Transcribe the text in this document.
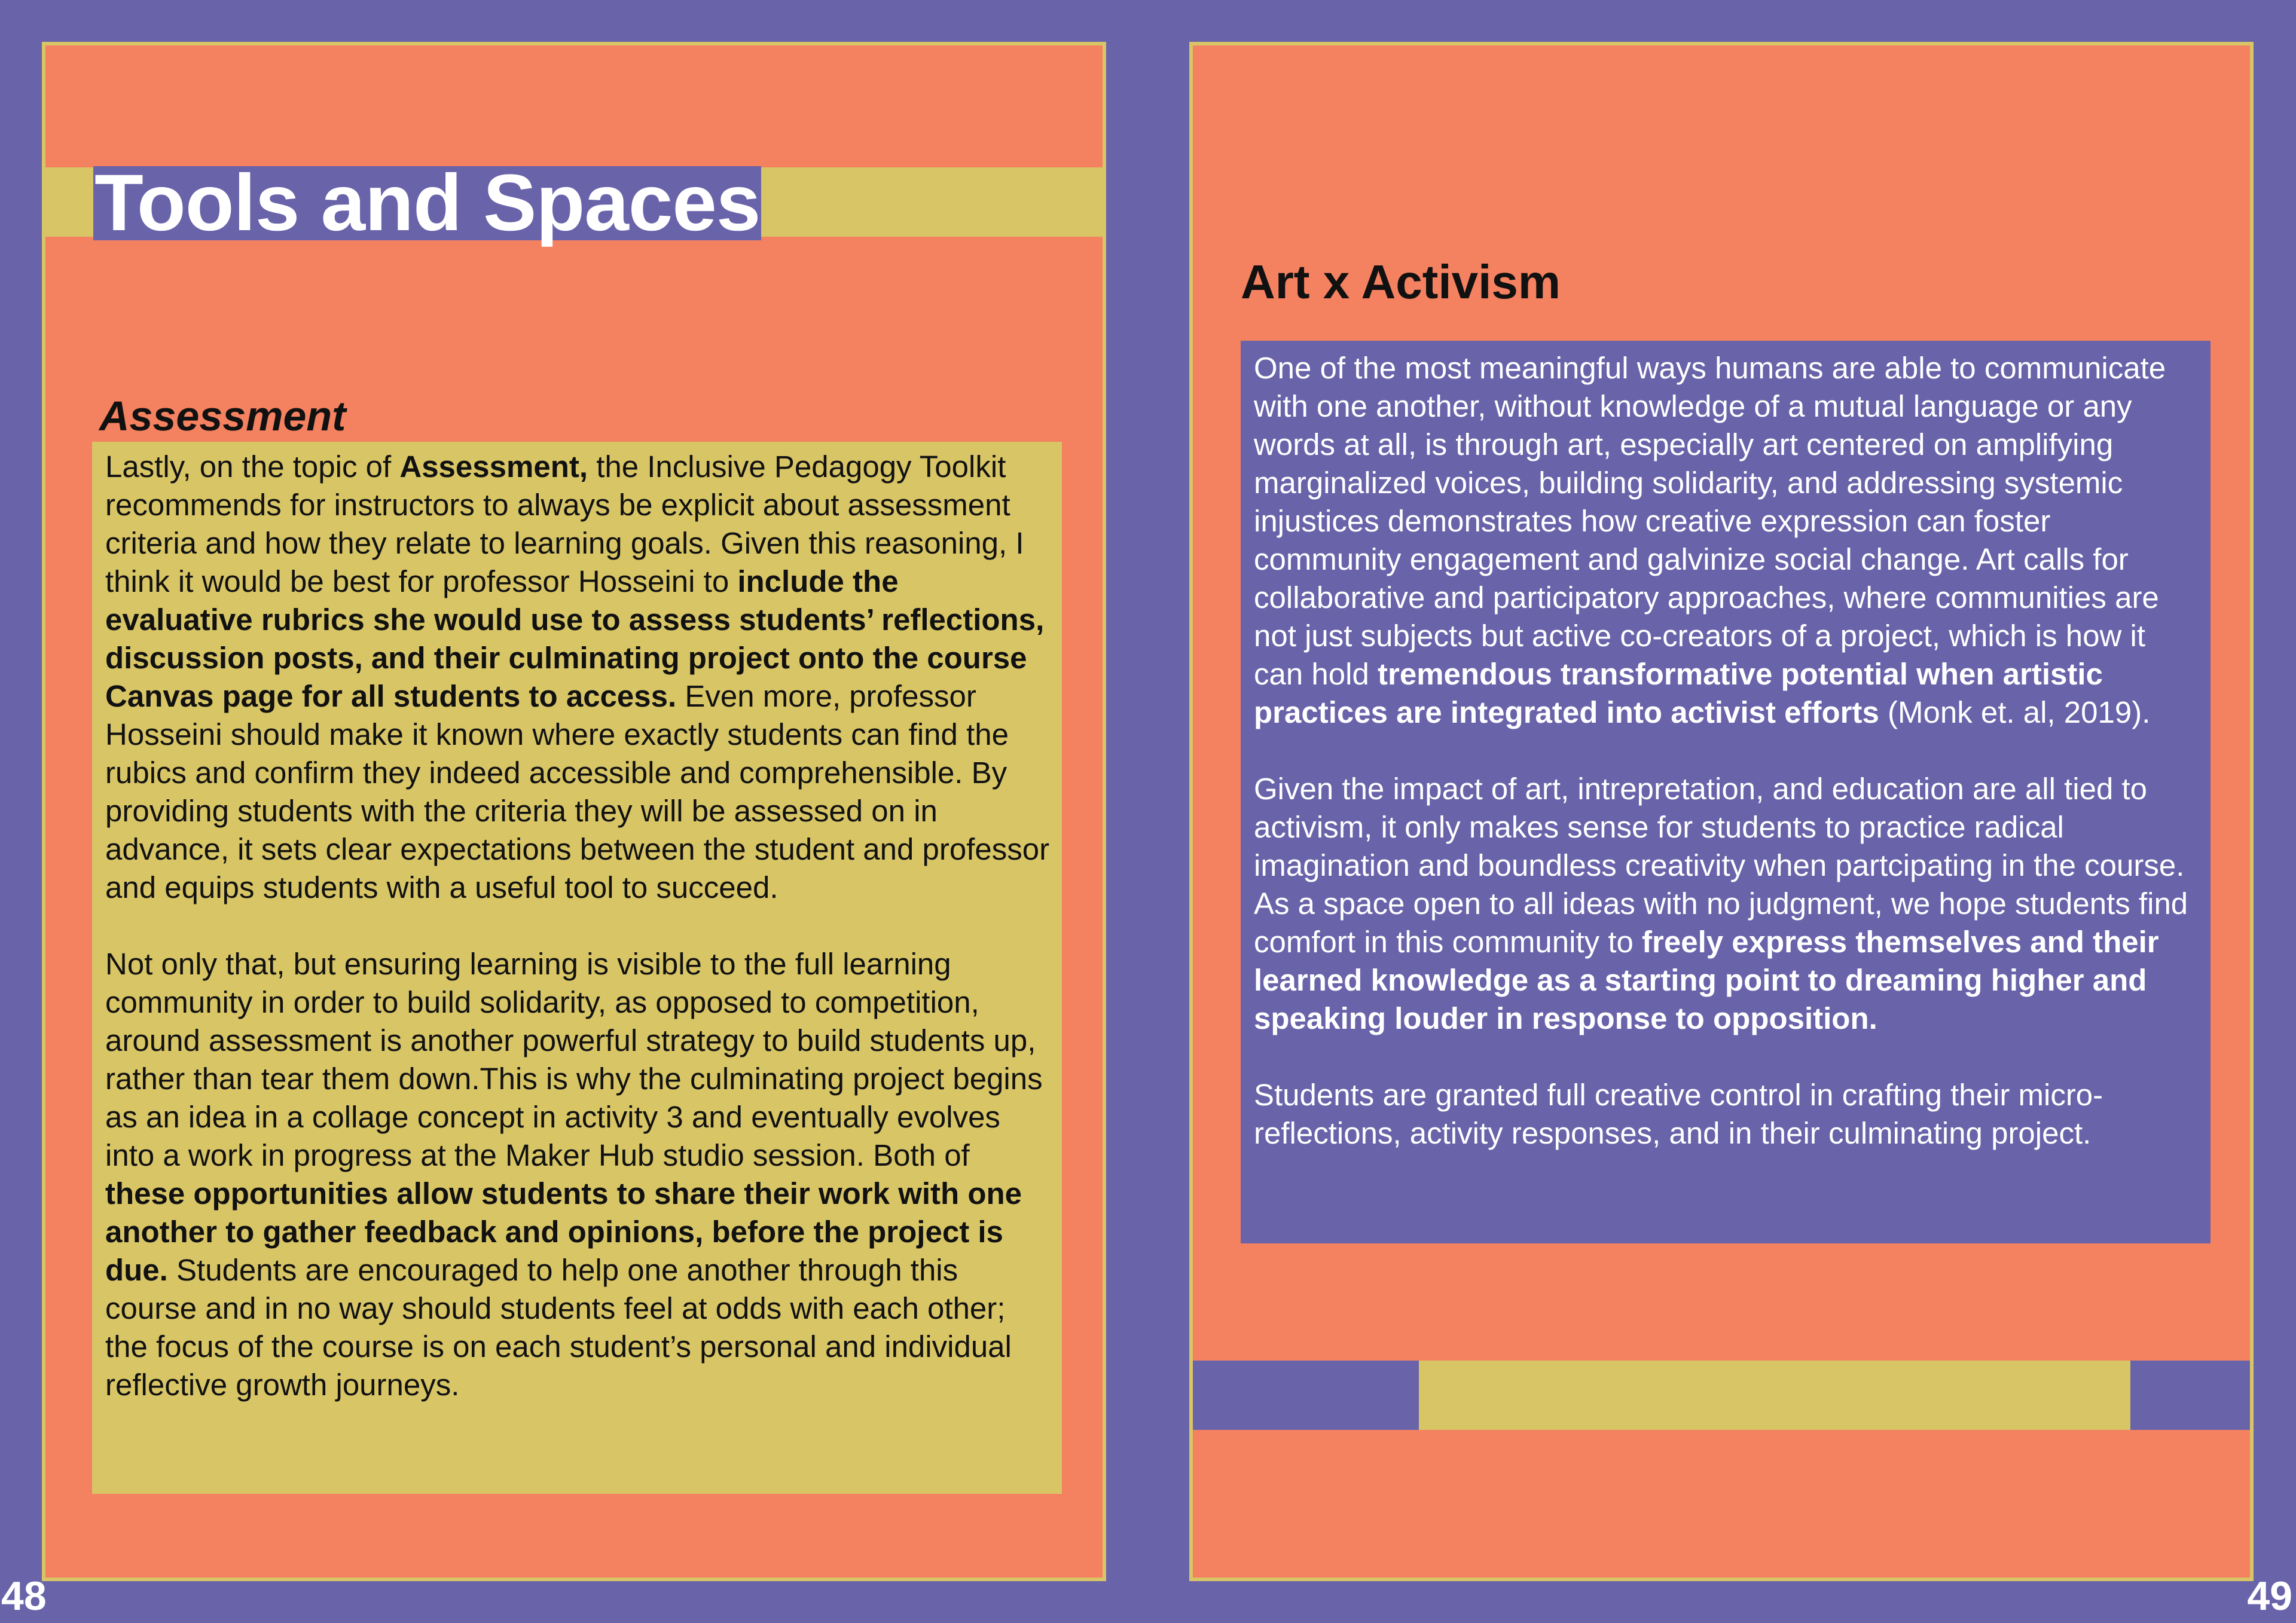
Tools and Spaces
Assessment

Lastly, on the topic of Assessment, the Inclusive Pedagogy Toolkit recommends for instructors to always be explicit about assessment criteria and how they relate to learning goals. Given this reasoning, I think it would be best for professor Hosseini to include the evaluative rubrics she would use to assess students’ reflections, discussion posts, and their culminating project onto the course Canvas page for all students to access. Even more, professor Hosseini should make it known where exactly students can find the rubics and confirm they indeed accessible and comprehensible. By providing students with the criteria they will be assessed on in advance, it sets clear expectations between the student and professor and equips students with a useful tool to succeed.

Not only that, but ensuring learning is visible to the full learning community in order to build solidarity, as opposed to competition, around assessment is another powerful strategy to build students up, rather than tear them down.This is why the culminating project begins as an idea in a collage concept in activity 3 and eventually evolves into a work in progress at the Maker Hub studio session. Both of these opportunities allow students to share their work with one another to gather feedback and opinions, before the project is due. Students are encouraged to help one another through this course and in no way should students feel at odds with each other; the focus of the course is on each student’s personal and individual reflective growth journeys.

Art x Activism

One of the most meaningful ways humans are able to communicate with one another, without knowledge of a mutual language or any words at all, is through art, especially art centered on amplifying marginalized voices, building solidarity, and addressing systemic injustices demonstrates how creative expression can foster community engagement and galvinize social change. Art calls for collaborative and participatory approaches, where communities are not just subjects but active co-creators of a project, which is how it can hold tremendous transformative potential when artistic practices are integrated into activist efforts (Monk et. al, 2019).

Given the impact of art, intrepretation, and education are all tied to activism, it only makes sense for students to practice radical imagination and boundless creativity when partcipating in the course. As a space open to all ideas with no judgment, we hope students find comfort in this community to freely express themselves and their learned knowledge as a starting point to dreaming higher and speaking louder in response to opposition.

Students are granted full creative control in crafting their micro-reflections, activity responses, and in their culminating project.

48	49
